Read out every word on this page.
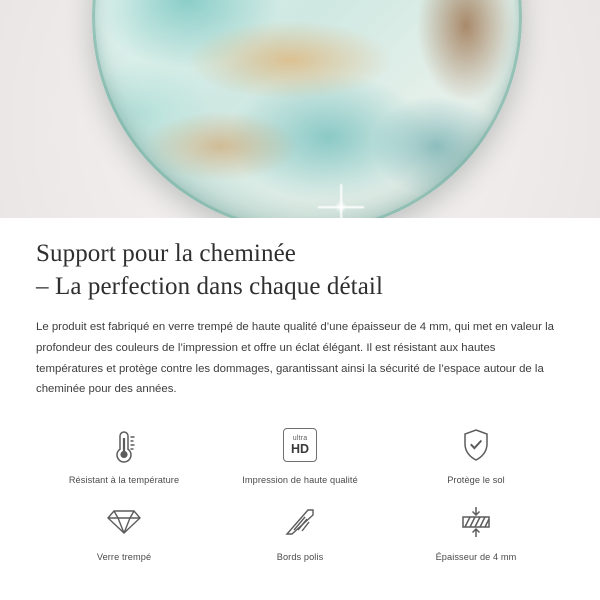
Support pour la cheminée
– La perfection dans chaque détail

Le produit est fabriqué en verre trempé de haute qualité d’une épaisseur de 4 mm, qui met en valeur la profondeur des couleurs de l’impression et offre un éclat élégant. Il est résistant aux hautes températures et protège contre les dommages, garantissant ainsi la sécurité de l’espace autour de la cheminée pour des années.

Résistant à la température
ultra
HD
Impression de haute qualité	Protège le sol
Verre trempé	Bords polis	Épaisseur de 4 mm
